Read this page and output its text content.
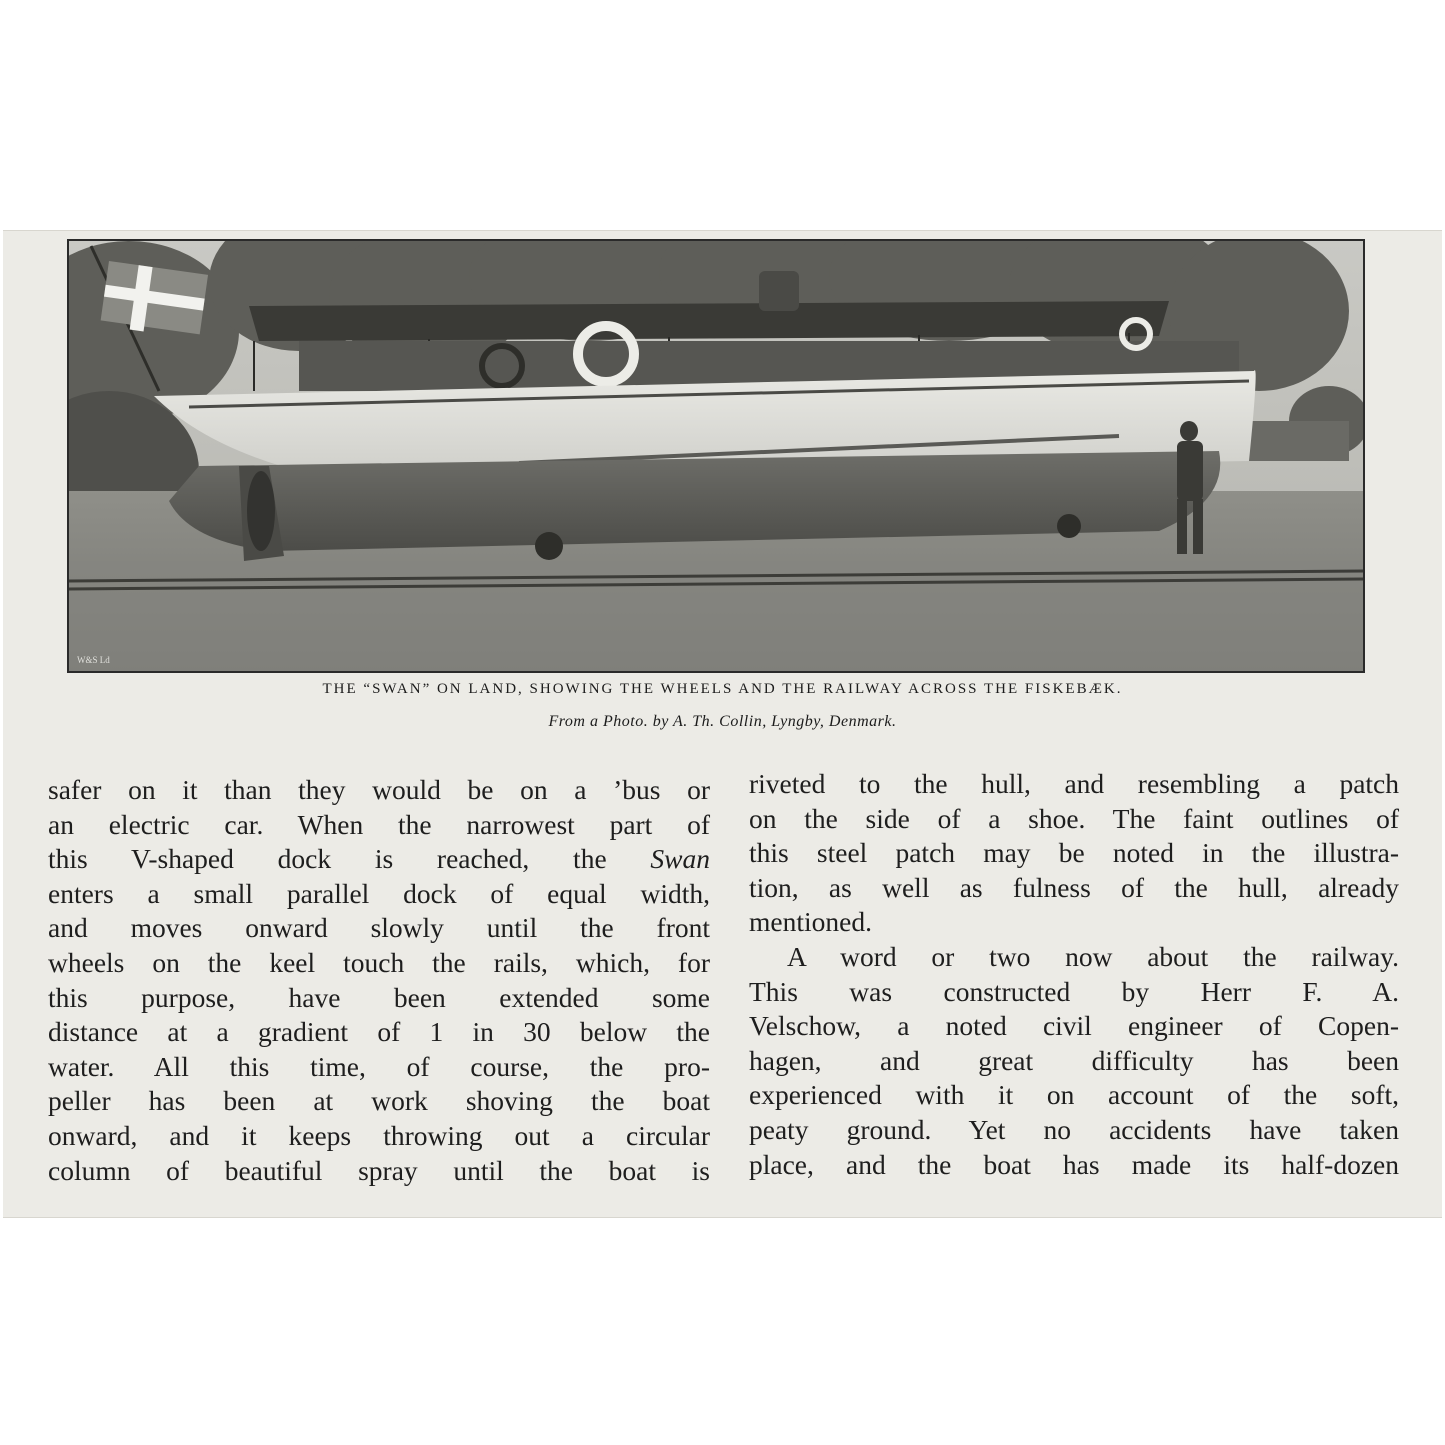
W&S Ld
THE “SWAN” ON LAND, SHOWING THE WHEELS AND THE RAILWAY ACROSS THE FISKEBÆK.
From a Photo. by A. Th. Collin, Lyngby, Denmark.
safer on it than they would be on a ’bus or
an electric car. When the narrowest part of
this V-shaped dock is reached, the Swan
enters a small parallel dock of equal width,
and moves onward slowly until the front
wheels on the keel touch the rails, which, for
this purpose, have been extended some
distance at a gradient of 1 in 30 below the
water. All this time, of course, the pro-
peller has been at work shoving the boat
onward, and it keeps throwing out a circular
column of beautiful spray until the boat is
riveted to the hull, and resembling a patch
on the side of a shoe. The faint outlines of
this steel patch may be noted in the illustra-
tion, as well as fulness of the hull, already
mentioned.
A word or two now about the railway.
This was constructed by Herr F. A.
Velschow, a noted civil engineer of Copen-
hagen, and great difficulty has been
experienced with it on account of the soft,
peaty ground. Yet no accidents have taken
place, and the boat has made its half-dozen
